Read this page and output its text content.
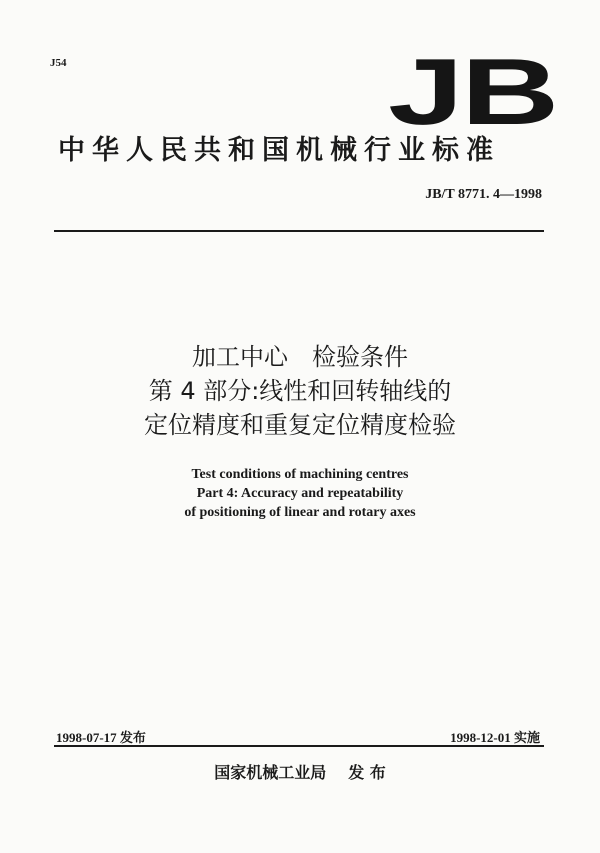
J54	JB
中华人民共和国机械行业标准
JB/T 8771. 4—1998
加工中心　检验条件
第 4 部分:线性和回转轴线的
定位精度和重复定位精度检验
Test conditions of machining centres
Part 4: Accuracy and repeatability
of positioning of linear and rotary axes
1998-07-17 发布	1998-12-01 实施
国家机械工业局 发 布
